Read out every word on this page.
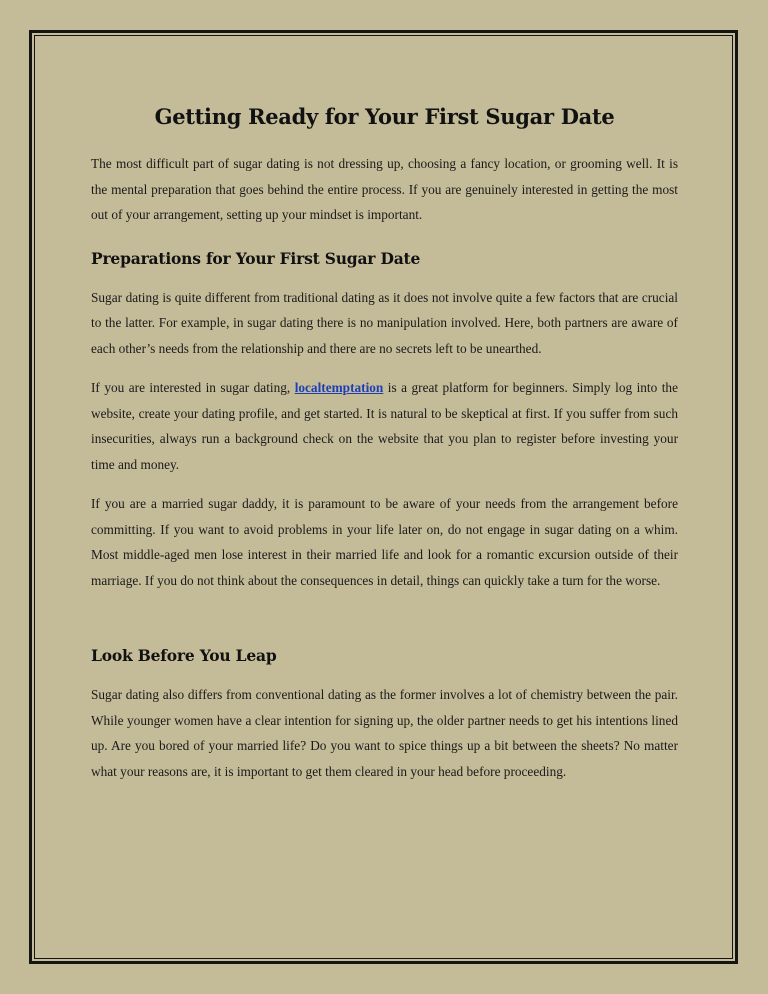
Getting Ready for Your First Sugar Date

The most difficult part of sugar dating is not dressing up, choosing a fancy location, or grooming well. It is the mental preparation that goes behind the entire process. If you are genuinely interested in getting the most out of your arrangement, setting up your mindset is important.

Preparations for Your First Sugar Date

Sugar dating is quite different from traditional dating as it does not involve quite a few factors that are crucial to the latter. For example, in sugar dating there is no manipulation involved. Here, both partners are aware of each other’s needs from the relationship and there are no secrets left to be unearthed.

If you are interested in sugar dating, localtemptation is a great platform for beginners. Simply log into the website, create your dating profile, and get started. It is natural to be skeptical at first. If you suffer from such insecurities, always run a background check on the website that you plan to register before investing your time and money.

If you are a married sugar daddy, it is paramount to be aware of your needs from the arrangement before committing. If you want to avoid problems in your life later on, do not engage in sugar dating on a whim. Most middle-aged men lose interest in their married life and look for a romantic excursion outside of their marriage. If you do not think about the consequences in detail, things can quickly take a turn for the worse.

Look Before You Leap

Sugar dating also differs from conventional dating as the former involves a lot of chemistry between the pair. While younger women have a clear intention for signing up, the older partner needs to get his intentions lined up. Are you bored of your married life? Do you want to spice things up a bit between the sheets? No matter what your reasons are, it is important to get them cleared in your head before proceeding.
